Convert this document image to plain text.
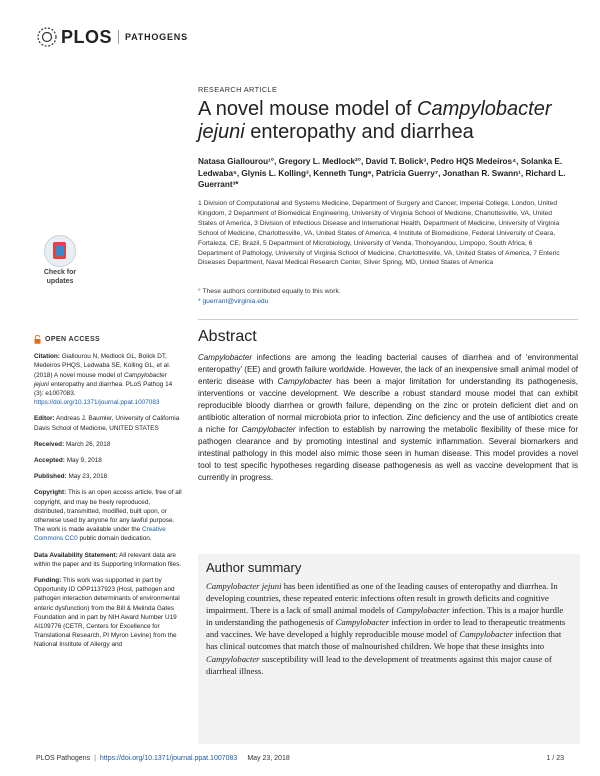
PLOS PATHOGENS
Check for
updates
RESEARCH ARTICLE
A novel mouse model of Campylobacter jejuni enteropathy and diarrhea
Natasa Giallourou¹°, Gregory L. Medlock²°, David T. Bolick³, Pedro HQS Medeiros⁴, Solanka E. Ledwaba⁵, Glynis L. Kolling³, Kenneth Tung⁶, Patricia Guerry⁷, Jonathan R. Swann¹, Richard L. Guerrant³*
1 Division of Computational and Systems Medicine, Department of Surgery and Cancer, Imperial College, London, United Kingdom, 2 Department of Biomedical Engineering, University of Virginia School of Medicine, Charlottesville, VA, United States of America, 3 Division of Infectious Disease and International Health, Department of Medicine, University of Virginia School of Medicine, Charlottesville, VA, United States of America, 4 Institute of Biomedicine, Federal University of Ceara, Fortaleza, CE, Brazil, 5 Department of Microbiology, University of Venda, Thohoyandou, Limpopo, South Africa, 6 Department of Pathology, University of Virginia School of Medicine, Charlottesville, VA, United States of America, 7 Enteric Diseases Department, Naval Medical Research Center, Silver Spring, MD, United States of America
° These authors contributed equally to this work.
* guerrant@virginia.edu
Abstract
Campylobacter infections are among the leading bacterial causes of diarrhea and of ‘environmental enteropathy’ (EE) and growth failure worldwide. However, the lack of an inexpensive small animal model of enteric disease with Campylobacter has been a major limitation for understanding its pathogenesis, interventions or vaccine development. We describe a robust standard mouse model that can exhibit reproducible bloody diarrhea or growth failure, depending on the zinc or protein deficient diet and on antibiotic alteration of normal microbiota prior to infection. Zinc deficiency and the use of antibiotics create a niche for Campylobacter infection to establish by narrowing the metabolic flexibility of these mice for pathogen clearance and by promoting intestinal and systemic inflammation. Several biomarkers and intestinal pathology in this model also mimic those seen in human disease. This model provides a novel tool to test specific hypotheses regarding disease pathogenesis as well as vaccine development that is currently in progress.
OPEN ACCESS

Citation: Giallourou N, Medlock GL, Bolick DT, Medeiros PHQS, Ledwaba SE, Kolling GL, et al. (2018) A novel mouse model of Campylobacter jejuni enteropathy and diarrhea. PLoS Pathog 14 (3): e1007083. https://doi.org/10.1371/journal.ppat.1007083

Editor: Andreas J. Baumler, University of California Davis School of Medicine, UNITED STATES

Received: March 26, 2018

Accepted: May 9, 2018

Published: May 23, 2018

Copyright: This is an open access article, free of all copyright, and may be freely reproduced, distributed, transmitted, modified, built upon, or otherwise used by anyone for any lawful purpose. The work is made available under the Creative Commons CC0 public domain dedication.

Data Availability Statement: All relevant data are within the paper and its Supporting Information files.

Funding: This work was supported in part by Opportunity ID OPP1137923 (Host, pathogen and pathogen interaction determinants of environmental enteric dysfunction) from the Bill & Melinda Gates Foundation and in part by NIH Award Number U19 AI109776 (CETR, Centers for Excellence for Translational Research, PI Myron Levine) from the National Institute of Allergy and

Author summary
Campylobacter jejuni has been identified as one of the leading causes of enteropathy and diarrhea. In developing countries, these repeated enteric infections often result in growth deficits and cognitive impairment. There is a lack of small animal models of Campylobacter infection. This is a major hurdle in understanding the pathogenesis of Campylobacter infection in order to lead to therapeutic treatments and vaccines. We have developed a highly reproducible mouse model of Campylobacter infection that has clinical outcomes that match those of malnourished children. We hope that these insights into Campylobacter susceptibility will lead to the development of treatments against this major cause of diarrheal illness.
PLOS Pathogens | https://doi.org/10.1371/journal.ppat.1007083 May 23, 2018	1 / 23
